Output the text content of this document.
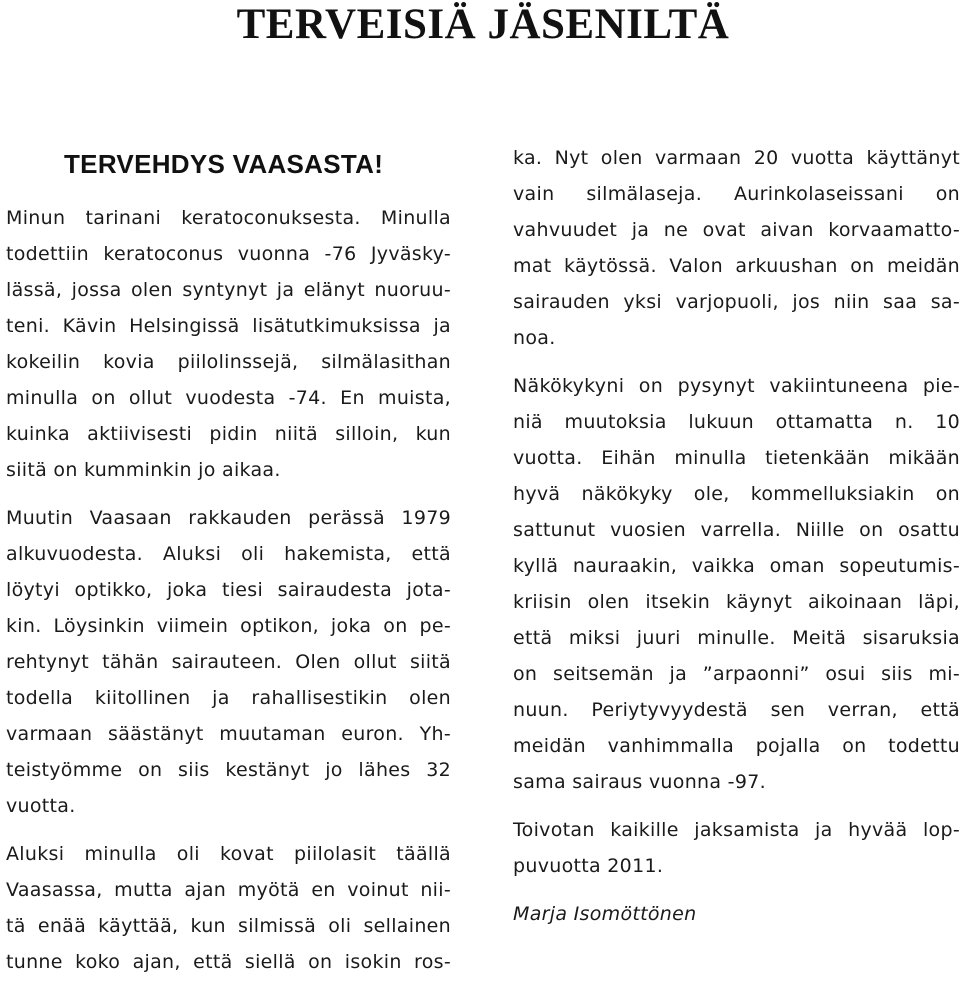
TERVEISIÄ JÄSENILTÄ
TERVEHDYS VAASASTA!
Minun tarinani keratoconuksesta. Minulla
todettiin keratoconus vuonna -76 Jyväsky-
lässä, jossa olen syntynyt ja elänyt nuoruu-
teni. Kävin Helsingissä lisätutkimuksissa ja
kokeilin kovia piilolinssejä, silmälasithan
minulla on ollut vuodesta -74. En muista,
kuinka aktiivisesti pidin niitä silloin, kun
siitä on kumminkin jo aikaa.
Muutin Vaasaan rakkauden perässä 1979
alkuvuodesta. Aluksi oli hakemista, että
löytyi optikko, joka tiesi sairaudesta jota-
kin. Löysinkin viimein optikon, joka on pe-
rehtynyt tähän sairauteen. Olen ollut siitä
todella kiitollinen ja rahallisestikin olen
varmaan säästänyt muutaman euron. Yh-
teistyömme on siis kestänyt jo lähes 32
vuotta.
Aluksi minulla oli kovat piilolasit täällä
Vaasassa, mutta ajan myötä en voinut nii-
tä enää käyttää, kun silmissä oli sellainen
tunne koko ajan, että siellä on isokin ros-
ka. Nyt olen varmaan 20 vuotta käyttänyt
vain silmälaseja. Aurinkolaseissani on
vahvuudet ja ne ovat aivan korvaamatto-
mat käytössä. Valon arkuushan on meidän
sairauden yksi varjopuoli, jos niin saa sa-
noa.
Näkökykyni on pysynyt vakiintuneena pie-
niä muutoksia lukuun ottamatta n. 10
vuotta. Eihän minulla tietenkään mikään
hyvä näkökyky ole, kommelluksiakin on
sattunut vuosien varrella. Niille on osattu
kyllä nauraakin, vaikka oman sopeutumis-
kriisin olen itsekin käynyt aikoinaan läpi,
että miksi juuri minulle. Meitä sisaruksia
on seitsemän ja ”arpaonni” osui siis mi-
nuun. Periytyvyydestä sen verran, että
meidän vanhimmalla pojalla on todettu
sama sairaus vuonna -97.
Toivotan kaikille jaksamista ja hyvää lop-
puvuotta 2011.
Marja Isomöttönen
